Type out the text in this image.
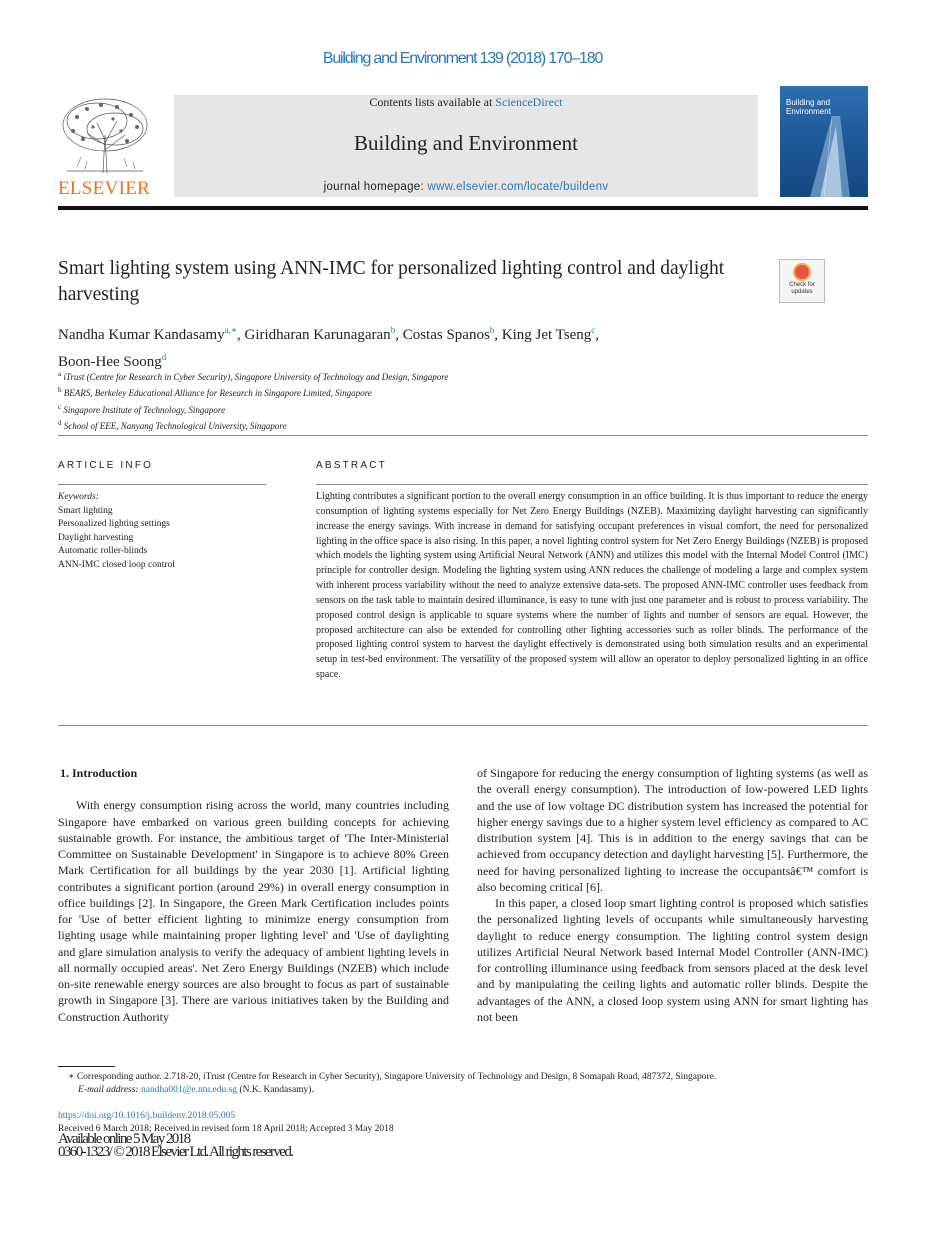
Building and Environment 139 (2018) 170–180
ELSEVIER
Contents lists available at ScienceDirect
Building and Environment
journal homepage: www.elsevier.com/locate/buildenv
Building and Environment
Smart lighting system using ANN-IMC for personalized lighting control and daylight harvesting	Check for updates
Nandha Kumar Kandasamy$^{a,∗}$, Giridharan Karunagaran$^b$, Costas Spanos$^b$, King Jet Tseng$^c$,
Boon-Hee Soong$^d$
$^a$ iTrust (Centre for Research in Cyber Security), Singapore University of Technology and Design, Singapore
$^b$ BEARS, Berkeley Educational Alliance for Research in Singapore Limited, Singapore
$^c$ Singapore Institute of Technology, Singapore
$^d$ School of EEE, Nanyang Technological University, Singapore
ARTICLE INFO
Keywords:
Smart lighting
Personalized lighting settings
Daylight harvesting
Automatic roller-blinds
ANN-IMC closed loop control
ABSTRACT
Lighting contributes a significant portion to the overall energy consumption in an office building. It is thus important to reduce the energy consumption of lighting systems especially for Net Zero Energy Buildings (NZEB). Maximizing daylight harvesting can significantly increase the energy savings. With increase in demand for satisfying occupant preferences in visual comfort, the need for personalized lighting in the office space is also rising. In this paper, a novel lighting control system for Net Zero Energy Buildings (NZEB) is proposed which models the lighting system using Artificial Neural Network (ANN) and utilizes this model with the Internal Model Control (IMC) principle for controller design. Modeling the lighting system using ANN reduces the challenge of modeling a large and complex system with inherent process variability without the need to analyze extensive data-sets. The proposed ANN-IMC controller uses feedback from sensors on the task table to maintain desired illuminance, is easy to tune with just one parameter and is robust to process variability. The proposed control design is applicable to square systems where the number of lights and number of sensors are equal. However, the proposed architecture can also be extended for controlling other lighting accessories such as roller blinds. The performance of the proposed lighting control system to harvest the daylight effectively is demonstrated using both simulation results and an experimental setup in test-bed environment. The versatility of the proposed system will allow an operator to deploy personalized lighting in an office space.

1. Introduction

With energy consumption rising across the world, many countries including Singapore have embarked on various green building concepts for achieving sustainable growth. For instance, the ambitious target of 'The Inter-Ministerial Committee on Sustainable Development' in Singapore is to achieve 80% Green Mark Certification for all buildings by the year 2030 [1]. Artificial lighting contributes a significant portion (around 29%) in overall energy consumption in office buildings [2]. In Singapore, the Green Mark Certification includes points for 'Use of better efficient lighting to minimize energy consumption from lighting usage while maintaining proper lighting level' and 'Use of daylighting and glare simulation analysis to verify the adequacy of ambient lighting levels in all normally occupied areas'. Net Zero Energy Buildings (NZEB) which include on-site renewable energy sources are also brought to focus as part of sustainable growth in Singapore [3]. There are various initiatives taken by the Building and Construction Authority

of Singapore for reducing the energy consumption of lighting systems (as well as the overall energy consumption). The introduction of low-powered LED lights and the use of low voltage DC distribution system has increased the potential for higher energy savings due to a higher system level efficiency as compared to AC distribution system [4]. This is in addition to the energy savings that can be achieved from occupancy detection and daylight harvesting [5]. Furthermore, the need for having personalized lighting to increase the occupantsâ€™ comfort is also becoming critical [6].

In this paper, a closed loop smart lighting control is proposed which satisfies the personalized lighting levels of occupants while simultaneously harvesting daylight to reduce energy consumption. The lighting control system design utilizes Artificial Neural Network based Internal Model Controller (ANN-IMC) for controlling illuminance using feedback from sensors placed at the desk level and by manipulating the ceiling lights and automatic roller blinds. Despite the advantages of the ANN, a closed loop system using ANN for smart lighting has not been

∗ Corresponding author. 2.718-20, iTrust (Centre for Research in Cyber Security), Singapore University of Technology and Design, 8 Somapah Road, 487372, Singapore.
E-mail address: nandha001@e.ntu.edu.sg (N.K. Kandasamy).
https://doi.org/10.1016/j.buildenv.2018.05.005
Received 6 March 2018; Received in revised form 18 April 2018; Accepted 3 May 2018
Available online 5 May 2018
0360-1323/ © 2018 Elsevier Ltd. All rights reserved.
